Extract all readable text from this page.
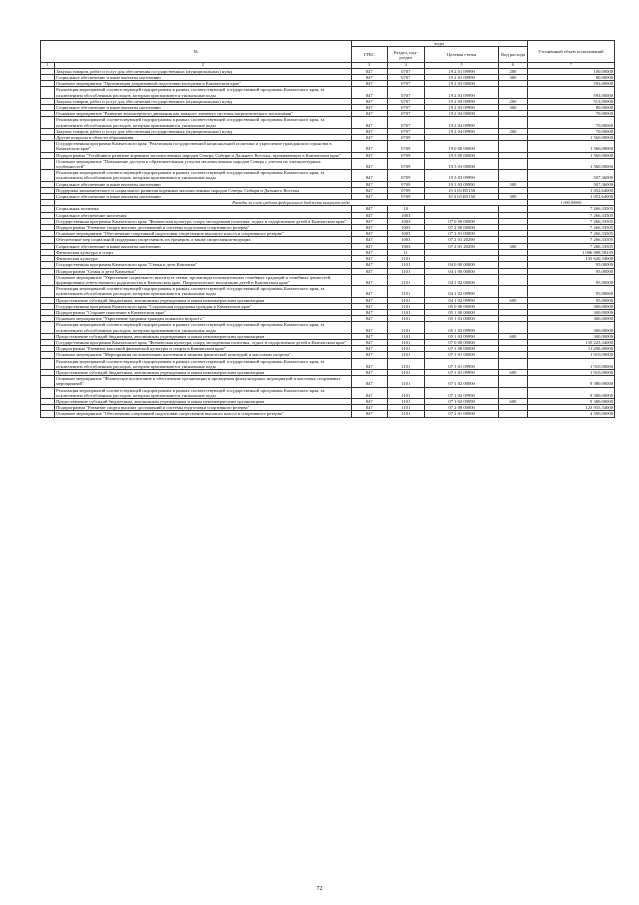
№		коды				Уточнённый объем ассигнований
		ГРБС	Раздел, под-раздел	Целевая статья	Вид расхода	
1	2	3	4	5	6	7
	Закупка товаров, работ и услуг для обеспечения государственных (муниципальных) нужд	847	0707	19 2 01 09990	200	100,00000
	Социальное обеспечение и иные выплаты населению	847	0707	19 2 01 09990	300	80,00000
	Основное мероприятие "Организация допризывной подготовки молодежи в Камчатском крае"	847	0707	19 2 03 00000		593,00000
	Реализация мероприятий соответствующей подпрограммы в рамках соответствующей государственной программы Камчатского края, за исключением обособленных расходов, которым присваиваются уникальные коды	847	0707	19 2 03 09990		593,00000
	Закупка товаров, работ и услуг для обеспечения государственных (муниципальных) нужд	847	0707	19 2 03 09990	200	513,00000
	Социальное обеспечение и иные выплаты населению	847	0707	19 2 03 09990	300	80,00000
	Основное мероприятие "Развитие волонтерского движения как важного элемента системы патриотического воспитания"	847	0707	19 2 04 00000		70,00000
	Реализация мероприятий соответствующей подпрограммы в рамках соответствующей государственной программы Камчатского края, за исключением обособленных расходов, которым присваиваются уникальные коды	847	0707	19 2 04 09990		70,00000
	Закупка товаров, работ и услуг для обеспечения государственных (муниципальных) нужд	847	0707	19 2 04 09990	200	70,00000
	Другие вопросы в области образования	847	0709			1 560,00000
	Государственная программа Камчатского края "Реализация государственной национальной политики и укрепление гражданского единства в Камчатском крае"	847	0709	19 0 00 00000		1 560,00000
	Подпрограмма "Устойчивое развитие коренных малочисленных народов Севера, Сибири и Дальнего Востока, проживающих в Камчатском крае"	847	0709	19 3 00 00000		1 560,00000
	Основное мероприятие "Повышение доступа к образовательным услугам малочисленных народов Севера с учетом их этнокультурных особенностей"	847	0709	19 3 03 00000		1 560,00000
	Реализация мероприятий соответствующей подпрограммы в рамках соответствующей государственной программы Камчатского края, за исключением обособленных расходов, которым присваиваются уникальные коды	847	0709	19 3 03 09990		507,36000
	Социальное обеспечение и иные выплаты населению	847	0709	19 3 03 09990	300	507,36000
	Поддержка экономического и социального развития коренных малочисленных народов Севера, Сибири и Дальнего Востока	847	0709	19 3 03 R5150		1 052,64000
	Социальное обеспечение и иные выплаты населению	847	0709	19 3 03 R5150	300	1 052,64000
	Расходы за счет средств федерального бюджета выкупает кода					1 000,00000
	Социальная политика	847	10			7 266,33505
	Социальное обеспечение населения	847	1003			7 266,33505
	Государственная программа Камчатского края "Физическая культура, спорт, молодежная политика, отдых и оздоровление детей в Камчатском крае"	847	1003	07 0 00 00000		7 266,33505
	Подпрограмма "Развитие спорта высших достижений и системы подготовки спортивного резерва"	847	1003	07 2 00 00000		7 266,33505
	Основное мероприятие "Обеспечение спортивной подготовки спортсменов высокого класса и спортивного резерва"	847	1003	07 2 01 00000		7 266,33505
	Обеспечение мер социальной поддержки спортсменов, их тренеров, а также спортсменов-ведущих	847	1003	07 2 01 20290		7 266,33505
	Социальное обеспечение и иные выплаты населению	847	1003	07 2 01 20290	300	7 266,33505
	Физическая культура и спорт	847	11			1 096 988,58239
	Физическая культура	847	1101			135 620,34000
	Государственная программа Камчатского края "Семья и дети Камчатки"	847	1101	04 0 00 00000		95,00000
	Подпрограмма "Семья и дети Камчатки"	847	1101	04 1 00 00000		95,00000
	Основное мероприятие "Укрепление социального института семьи, пропаганда положительных семейных традиций и семейных ценностей, формирование ответственного родительства в Камчатском крае. Патриотическое воспитание детей в Камчатском крае"	847	1101	04 1 02 00000		95,00000
	Реализация мероприятий соответствующей подпрограммы в рамках соответствующей государственной программы Камчатского края, за исключением обособленных расходов, которым присваиваются уникальные коды	847	1101	04 1 02 09990		95,00000
	Предоставление субсидий бюджетным, автономным учреждениям и иным некоммерческим организациям	847	1101	04 1 02 09990	600	95,00000
	Государственная программа Камчатского края "Социальная поддержка граждан в Камчатском крае"	847	1101	05 0 00 00000		300,00000
	Подпрограмма "Старшее поколение в Камчатском крае"	847	1101	05 1 00 00000		300,00000
	Основное мероприятие "Укрепление здоровья граждан пожилого возраста"	847	1101	05 1 03 00000		300,00000
	Реализация мероприятий соответствующей подпрограммы в рамках соответствующей государственной программы Камчатского края, за исключением обособленных расходов, которым присваиваются уникальные коды	847	1101	05 1 03 09990		300,00000
	Предоставление субсидий бюджетным, автономным учреждениям и иным некоммерческим организациям	847	1101	05 1 03 09990	600	300,00000
	Государственная программа Камчатского края "Физическая культура, спорт, молодежная политика, отдых и оздоровление детей в Камчатском крае"	847	1101	07 0 00 00000		135 225,34000
	Подпрограмма "Развитие массовой физической культуры и спорта в Камчатском крае"	847	1101	07 1 00 00000		11 290,00000
	Основное мероприятие "Мероприятия по вовлечению населения в занятия физической культурой и массовым спортом"	847	1101	07 1 01 00000		1 910,00000
	Реализация мероприятий соответствующей подпрограммы в рамках соответствующей государственной программы Камчатского края, за исключением обособленных расходов, которым присваиваются уникальные коды	847	1101	07 1 01 09990		1 910,00000
	Предоставление субсидий бюджетным, автономным учреждениям и иным некоммерческим организациям	847	1101	07 1 01 09990	600	1 910,00000
	Основное мероприятие "Физическое воспитание и обеспечение организации и проведения физкультурных мероприятий и массовых спортивных мероприятий"	847	1101	07 1 02 00000		9 380,00000
	Реализация мероприятий соответствующей подпрограммы в рамках соответствующей государственной программы Камчатского края, за исключением обособленных расходов, которым присваиваются уникальные коды	847	1101	07 1 02 09990		9 380,00000
	Предоставление субсидий бюджетным, автономным учреждениям и иным некоммерческим организациям	847	1101	07 1 02 09990	600	9 380,00000
	Подпрограмма "Развитие спорта высших достижений и системы подготовки спортивного резерва"	847	1101	07 2 00 00000		123 935,34000
	Основное мероприятие "Обеспечение спортивной подготовки спортсменов высокого класса и спортивного резерва"	847	1101	07 2 01 00000		4 500,00000
72
